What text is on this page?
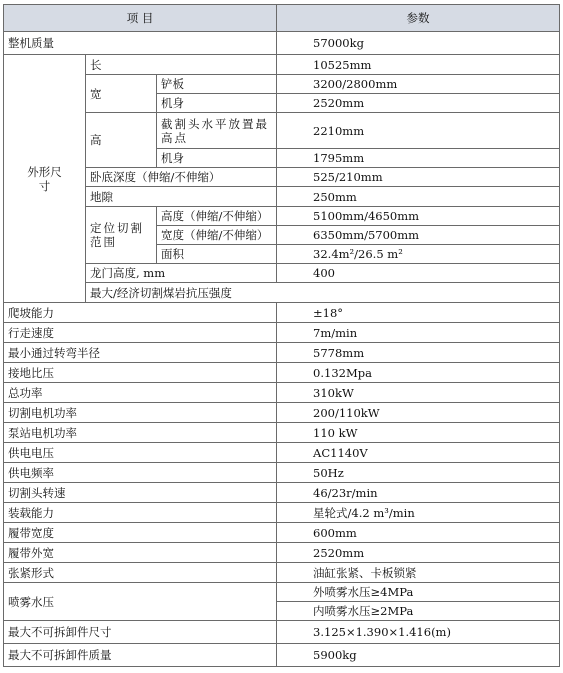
项 目			参数	
整机质量			57000kg	
外形尺寸	长		10525mm	
	宽	铲板	3200/2800mm	
		机身	2520mm	
	高	截割头水平放置最高点	2210mm	
		机身	1795mm	
	卧底深度（伸缩/不伸缩）		525/210mm	
	地隙		250mm	
	定位切割范围	高度（伸缩/不伸缩）	5100mm/4650mm	
		宽度（伸缩/不伸缩）	6350mm/5700mm	
		面积	32.4m²/26.5 m²	
	龙门高度, mm		400	
	最大/经济切割煤岩抗压强度	
爬坡能力			±18°	
行走速度			7m/min	
最小通过转弯半径			5778mm	
接地比压			0.132Mpa	
总功率			310kW	
切割电机功率			200/110kW	
泵站电机功率			110 kW	
供电电压			AC1140V	
供电频率			50Hz	
切割头转速			46/23r/min	
装载能力			星轮式/4.2 m³/min	
履带宽度			600mm	
履带外宽			2520mm	
张紧形式			油缸张紧、卡板锁紧	
喷雾水压			外喷雾水压≥4MPa	
			内喷雾水压≥2MPa	
最大不可拆卸件尺寸			3.125×1.390×1.416(m)	
最大不可拆卸件质量			5900kg	
